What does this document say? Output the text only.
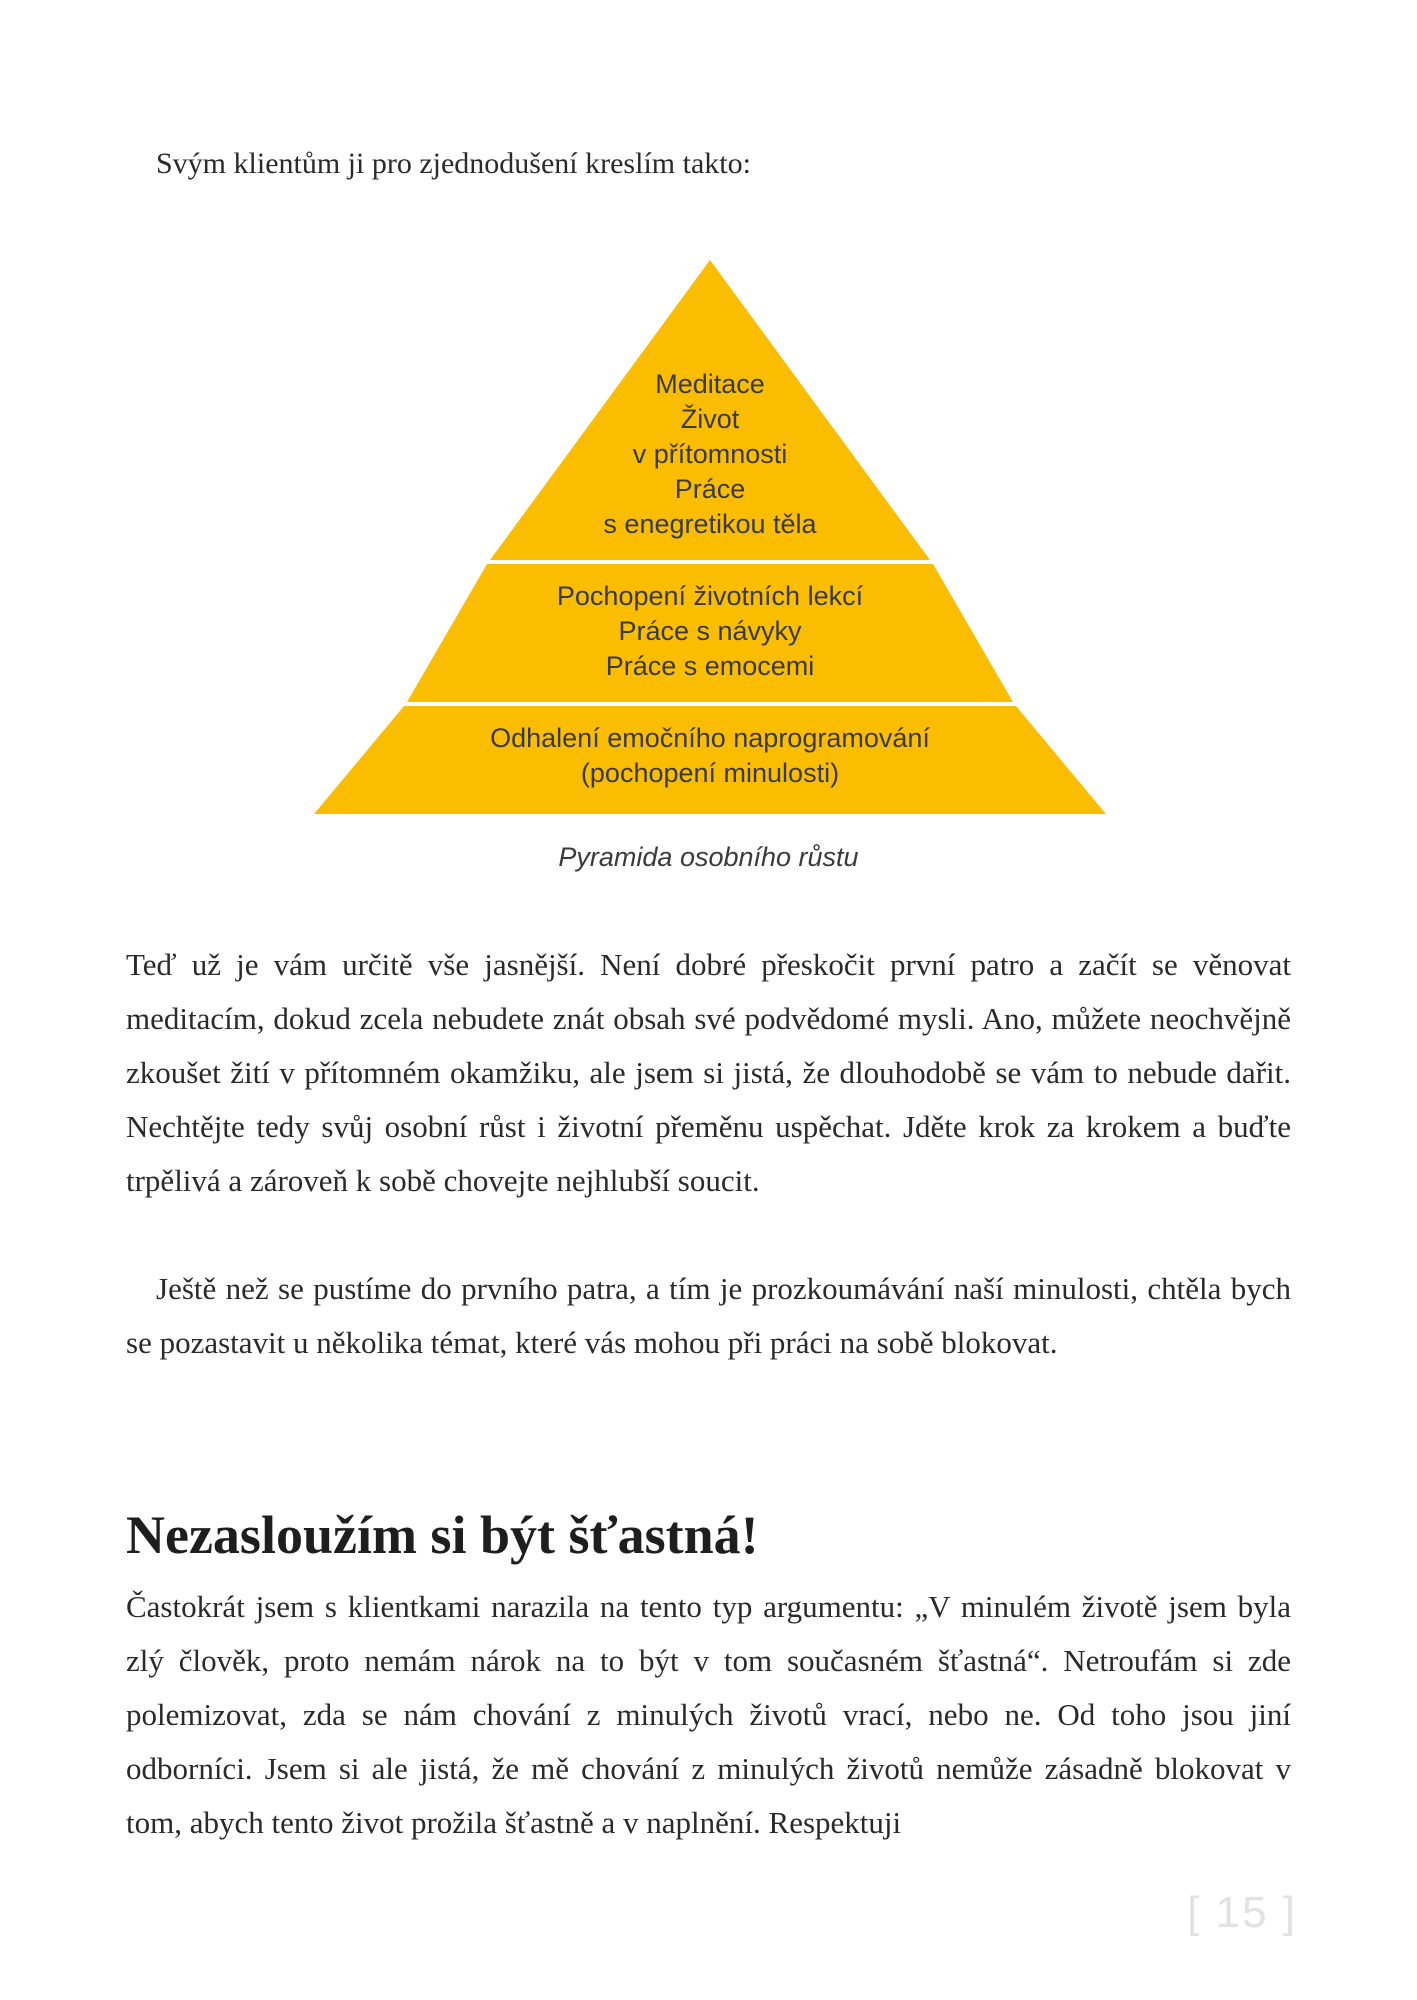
Svým klientům ji pro zjednodušení kreslím takto:

Meditace
Život
v přítomnosti
Práce
s enegretikou těla
Pochopení životních lekcí
Práce s návyky
Práce s emocemi
Odhalení emočního naprogramování
(pochopení minulosti)

Pyramida osobního růstu

Teď už je vám určitě vše jasnější. Není dobré přeskočit první patro a začít se věnovat meditacím, dokud zcela nebudete znát obsah své podvědomé mysli. Ano, můžete neochvějně zkoušet žití v přítomném okamžiku, ale jsem si jistá, že dlouhodobě se vám to nebude dařit. Nechtějte tedy svůj osobní růst i životní přeměnu uspěchat. Jděte krok za krokem a buďte trpělivá a zároveň k sobě chovejte nejhlubší soucit.

Ještě než se pustíme do prvního patra, a tím je prozkoumávání naší minulosti, chtěla bych se pozastavit u několika témat, které vás mohou při práci na sobě blokovat.

Nezasloužím si být šťastná!

Častokrát jsem s klientkami narazila na tento typ argumentu: „V minulém životě jsem byla zlý člověk, proto nemám nárok na to být v tom současném šťastná“. Netroufám si zde polemizovat, zda se nám chování z minulých životů vrací, nebo ne. Od toho jsou jiní odborníci. Jsem si ale jistá, že mě chování z minulých životů nemůže zásadně blokovat v tom, abych tento život prožila šťastně a v naplnění. Respektuji

[ 15 ]
